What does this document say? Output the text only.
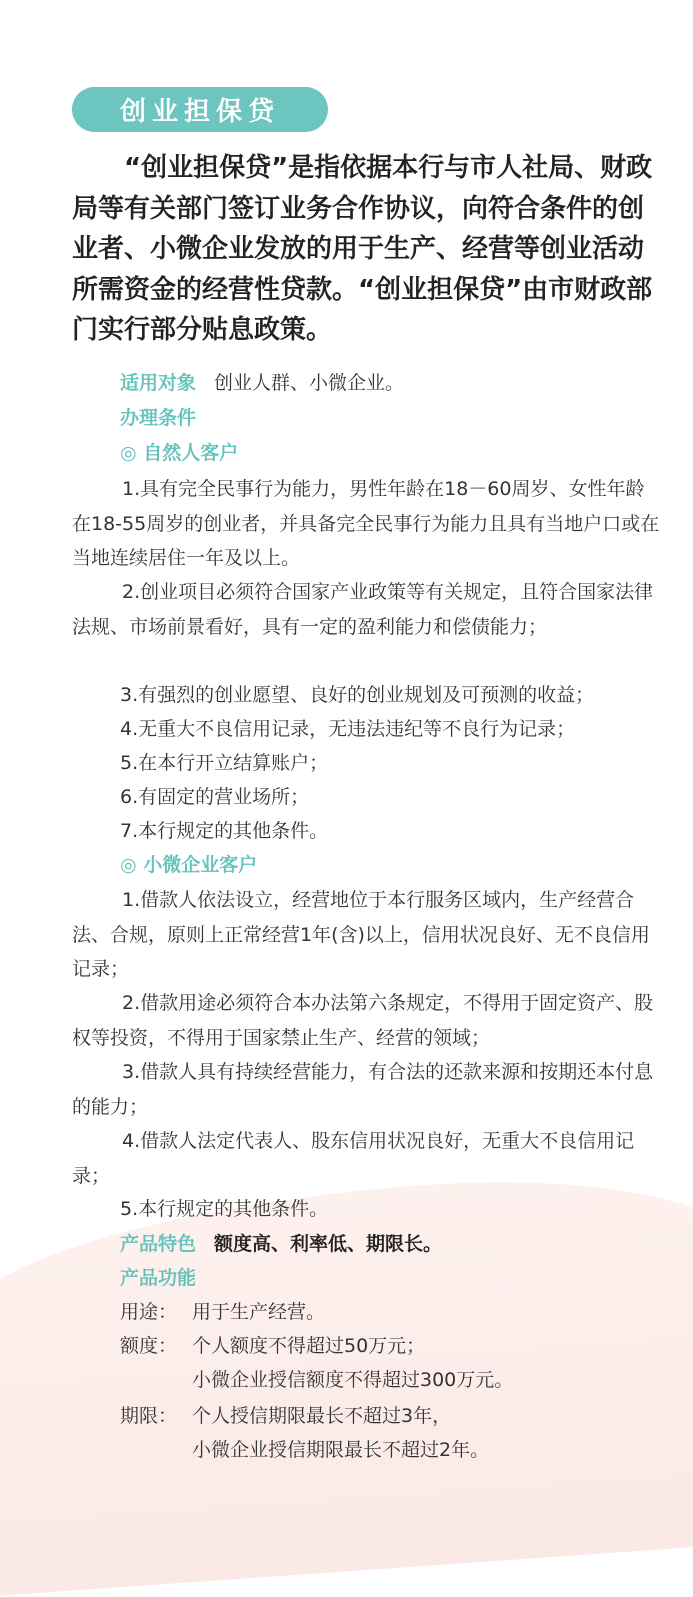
创业担保贷
“创业担保贷”是指依据本行与市人社局、财政局等有关部门签订业务合作协议，向符合条件的创业者、小微企业发放的用于生产、经营等创业活动所需资金的经营性贷款。“创业担保贷”由市财政部门实行部分贴息政策。
适用对象 创业人群、小微企业。
办理条件
◎ 自然人客户
1.具有完全民事行为能力，男性年龄在18－60周岁、女性年龄在18-55周岁的创业者，并具备完全民事行为能力且具有当地户口或在当地连续居住一年及以上。
2.创业项目必须符合国家产业政策等有关规定，且符合国家法律法规、市场前景看好，具有一定的盈利能力和偿债能力；
3.有强烈的创业愿望、良好的创业规划及可预测的收益；
4.无重大不良信用记录，无违法违纪等不良行为记录；
5.在本行开立结算账户；
6.有固定的营业场所；
7.本行规定的其他条件。
◎ 小微企业客户
1.借款人依法设立，经营地位于本行服务区域内，生产经营合法、合规，原则上正常经营1年(含)以上，信用状况良好、无不良信用记录；
2.借款用途必须符合本办法第六条规定，不得用于固定资产、股权等投资，不得用于国家禁止生产、经营的领域；
3.借款人具有持续经营能力，有合法的还款来源和按期还本付息的能力；
4.借款人法定代表人、股东信用状况良好，无重大不良信用记录；
5.本行规定的其他条件。
产品特色 额度高、利率低、期限长。
产品功能
用途： 用于生产经营。
额度： 个人额度不得超过50万元；
小微企业授信额度不得超过300万元。
期限： 个人授信期限最长不超过3年，
小微企业授信期限最长不超过2年。
